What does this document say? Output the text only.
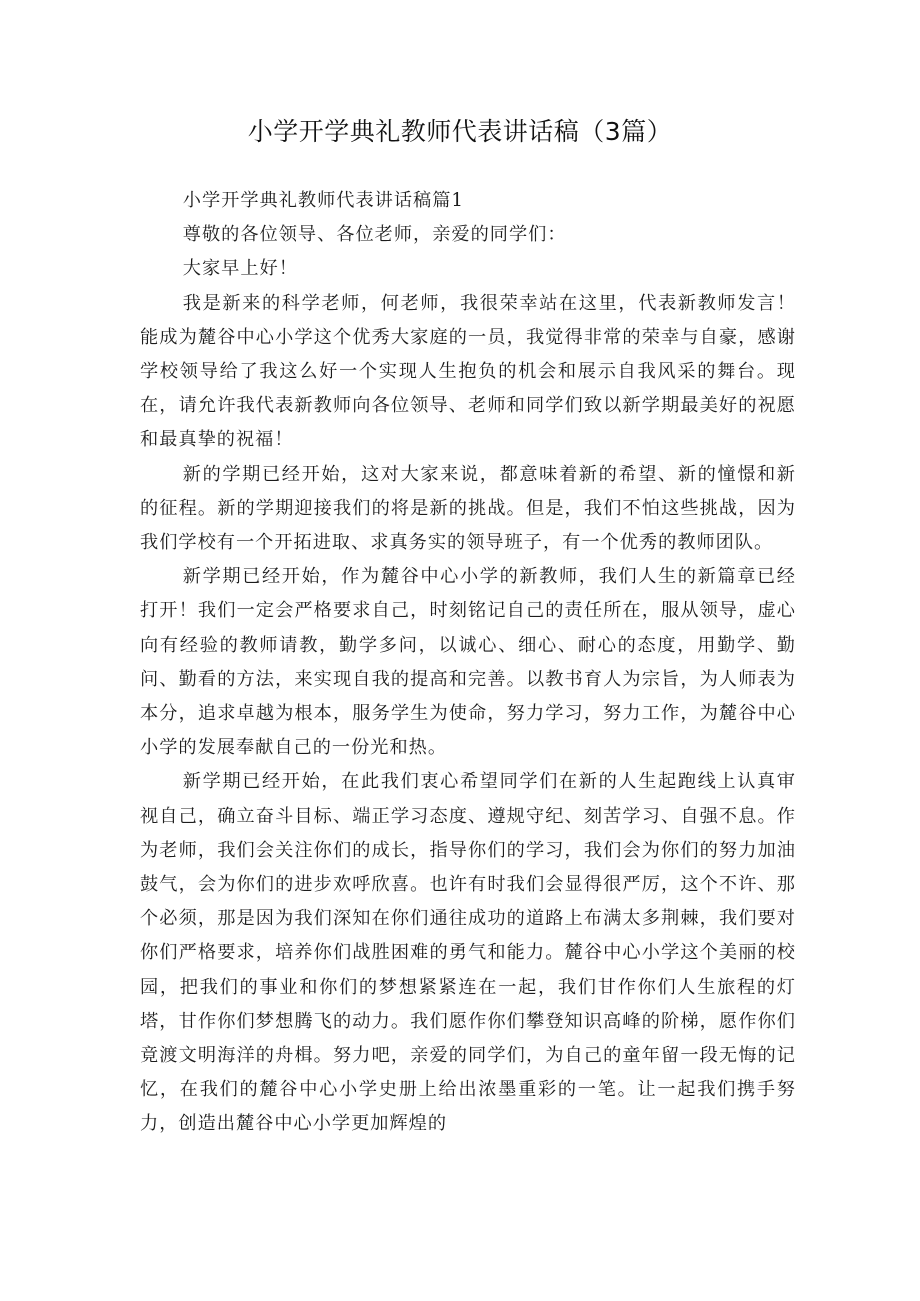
小学开学典礼教师代表讲话稿（3篇）

小学开学典礼教师代表讲话稿篇1

尊敬的各位领导、各位老师，亲爱的同学们：

大家早上好！

我是新来的科学老师，何老师，我很荣幸站在这里，代表新教师发言！能成为麓谷中心小学这个优秀大家庭的一员，我觉得非常的荣幸与自豪，感谢学校领导给了我这么好一个实现人生抱负的机会和展示自我风采的舞台。现在，请允许我代表新教师向各位领导、老师和同学们致以新学期最美好的祝愿和最真挚的祝福！

新的学期已经开始，这对大家来说，都意味着新的希望、新的憧憬和新的征程。新的学期迎接我们的将是新的挑战。但是，我们不怕这些挑战，因为我们学校有一个开拓进取、求真务实的领导班子，有一个优秀的教师团队。

新学期已经开始，作为麓谷中心小学的新教师，我们人生的新篇章已经打开！我们一定会严格要求自己，时刻铭记自己的责任所在，服从领导，虚心向有经验的教师请教，勤学多问，以诚心、细心、耐心的态度，用勤学、勤问、勤看的方法，来实现自我的提高和完善。以教书育人为宗旨，为人师表为本分，追求卓越为根本，服务学生为使命，努力学习，努力工作，为麓谷中心小学的发展奉献自己的一份光和热。

新学期已经开始，在此我们衷心希望同学们在新的人生起跑线上认真审视自己，确立奋斗目标、端正学习态度、遵规守纪、刻苦学习、自强不息。作为老师，我们会关注你们的成长，指导你们的学习，我们会为你们的努力加油鼓气，会为你们的进步欢呼欣喜。也许有时我们会显得很严厉，这个不许、那个必须，那是因为我们深知在你们通往成功的道路上布满太多荆棘，我们要对你们严格要求，培养你们战胜困难的勇气和能力。麓谷中心小学这个美丽的校园，把我们的事业和你们的梦想紧紧连在一起，我们甘作你们人生旅程的灯塔，甘作你们梦想腾飞的动力。我们愿作你们攀登知识高峰的阶梯，愿作你们竟渡文明海洋的舟楫。努力吧，亲爱的同学们，为自己的童年留一段无悔的记忆，在我们的麓谷中心小学史册上给出浓墨重彩的一笔。让一起我们携手努力，创造出麓谷中心小学更加辉煌的
